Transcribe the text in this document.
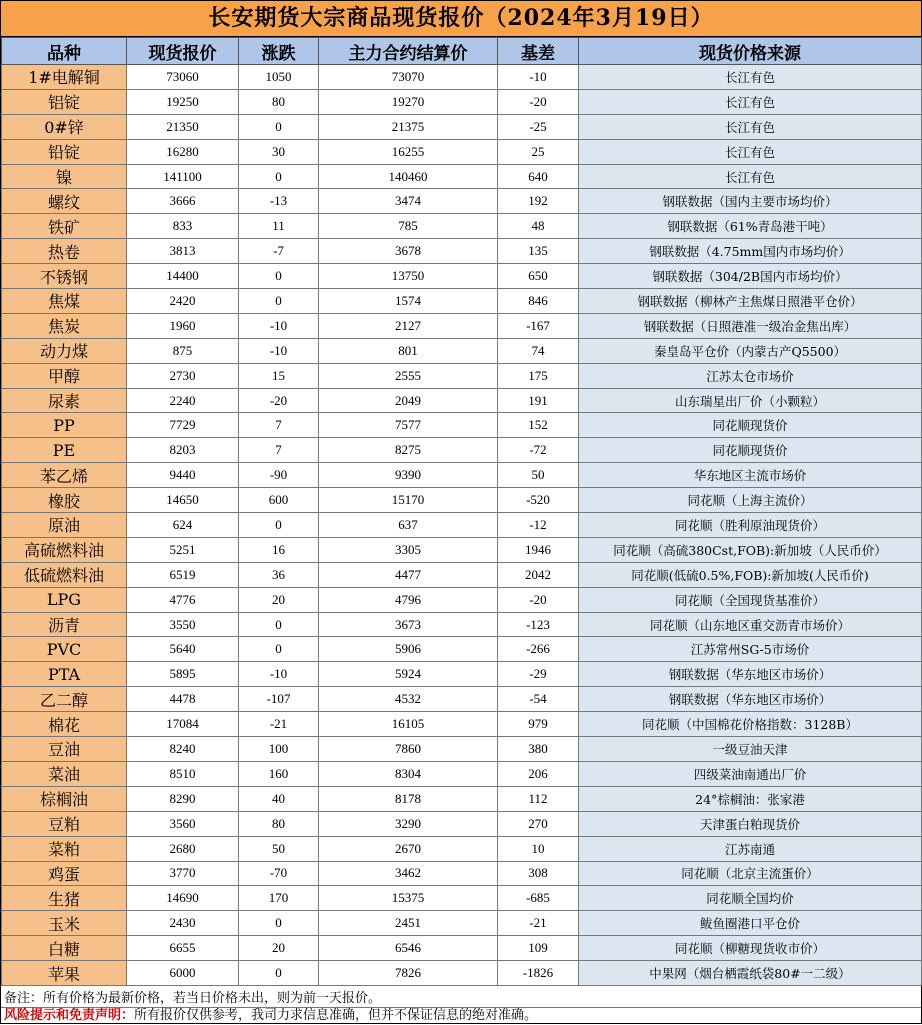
长安期货大宗商品现货报价（2024年3月19日）
品种	现货报价	涨跌	主力合约结算价	基差	现货价格来源
1#电解铜	73060	1050	73070	-10	长江有色
铝锭	19250	80	19270	-20	长江有色
0#锌	21350	0	21375	-25	长江有色
铅锭	16280	30	16255	25	长江有色
镍	141100	0	140460	640	长江有色
螺纹	3666	-13	3474	192	钢联数据（国内主要市场均价）
铁矿	833	11	785	48	钢联数据（61%青岛港干吨）
热卷	3813	-7	3678	135	钢联数据（4.75mm国内市场均价）
不锈钢	14400	0	13750	650	钢联数据（304/2B国内市场均价）
焦煤	2420	0	1574	846	钢联数据（柳林产主焦煤日照港平仓价）
焦炭	1960	-10	2127	-167	钢联数据（日照港准一级冶金焦出库）
动力煤	875	-10	801	74	秦皇岛平仓价（内蒙古产Q5500）
甲醇	2730	15	2555	175	江苏太仓市场价
尿素	2240	-20	2049	191	山东瑞星出厂价（小颗粒）
PP	7729	7	7577	152	同花顺现货价
PE	8203	7	8275	-72	同花顺现货价
苯乙烯	9440	-90	9390	50	华东地区主流市场价
橡胶	14650	600	15170	-520	同花顺（上海主流价）
原油	624	0	637	-12	同花顺（胜利原油现货价）
高硫燃料油	5251	16	3305	1946	同花顺（高硫380Cst,FOB):新加坡（人民币价）
低硫燃料油	6519	36	4477	2042	同花顺(低硫0.5%,FOB):新加坡(人民币价)
LPG	4776	20	4796	-20	同花顺（全国现货基准价）
沥青	3550	0	3673	-123	同花顺（山东地区重交沥青市场价）
PVC	5640	0	5906	-266	江苏常州SG-5市场价
PTA	5895	-10	5924	-29	钢联数据（华东地区市场价）
乙二醇	4478	-107	4532	-54	钢联数据（华东地区市场价）
棉花	17084	-21	16105	979	同花顺（中国棉花价格指数：3128B）
豆油	8240	100	7860	380	一级豆油天津
菜油	8510	160	8304	206	四级菜油南通出厂价
棕榈油	8290	40	8178	112	24°棕榈油：张家港
豆粕	3560	80	3290	270	天津蛋白粕现货价
菜粕	2680	50	2670	10	江苏南通
鸡蛋	3770	-70	3462	308	同花顺（北京主流蛋价）
生猪	14690	170	15375	-685	同花顺全国均价
玉米	2430	0	2451	-21	鲅鱼圈港口平仓价
白糖	6655	20	6546	109	同花顺（柳糖现货收市价）
苹果	6000	0	7826	-1826	中果网（烟台栖霞纸袋80#一二级）
备注：所有价格为最新价格，若当日价格未出，则为前一天报价。
风险提示和免责声明：所有报价仅供参考，我司力求信息准确，但并不保证信息的绝对准确。
